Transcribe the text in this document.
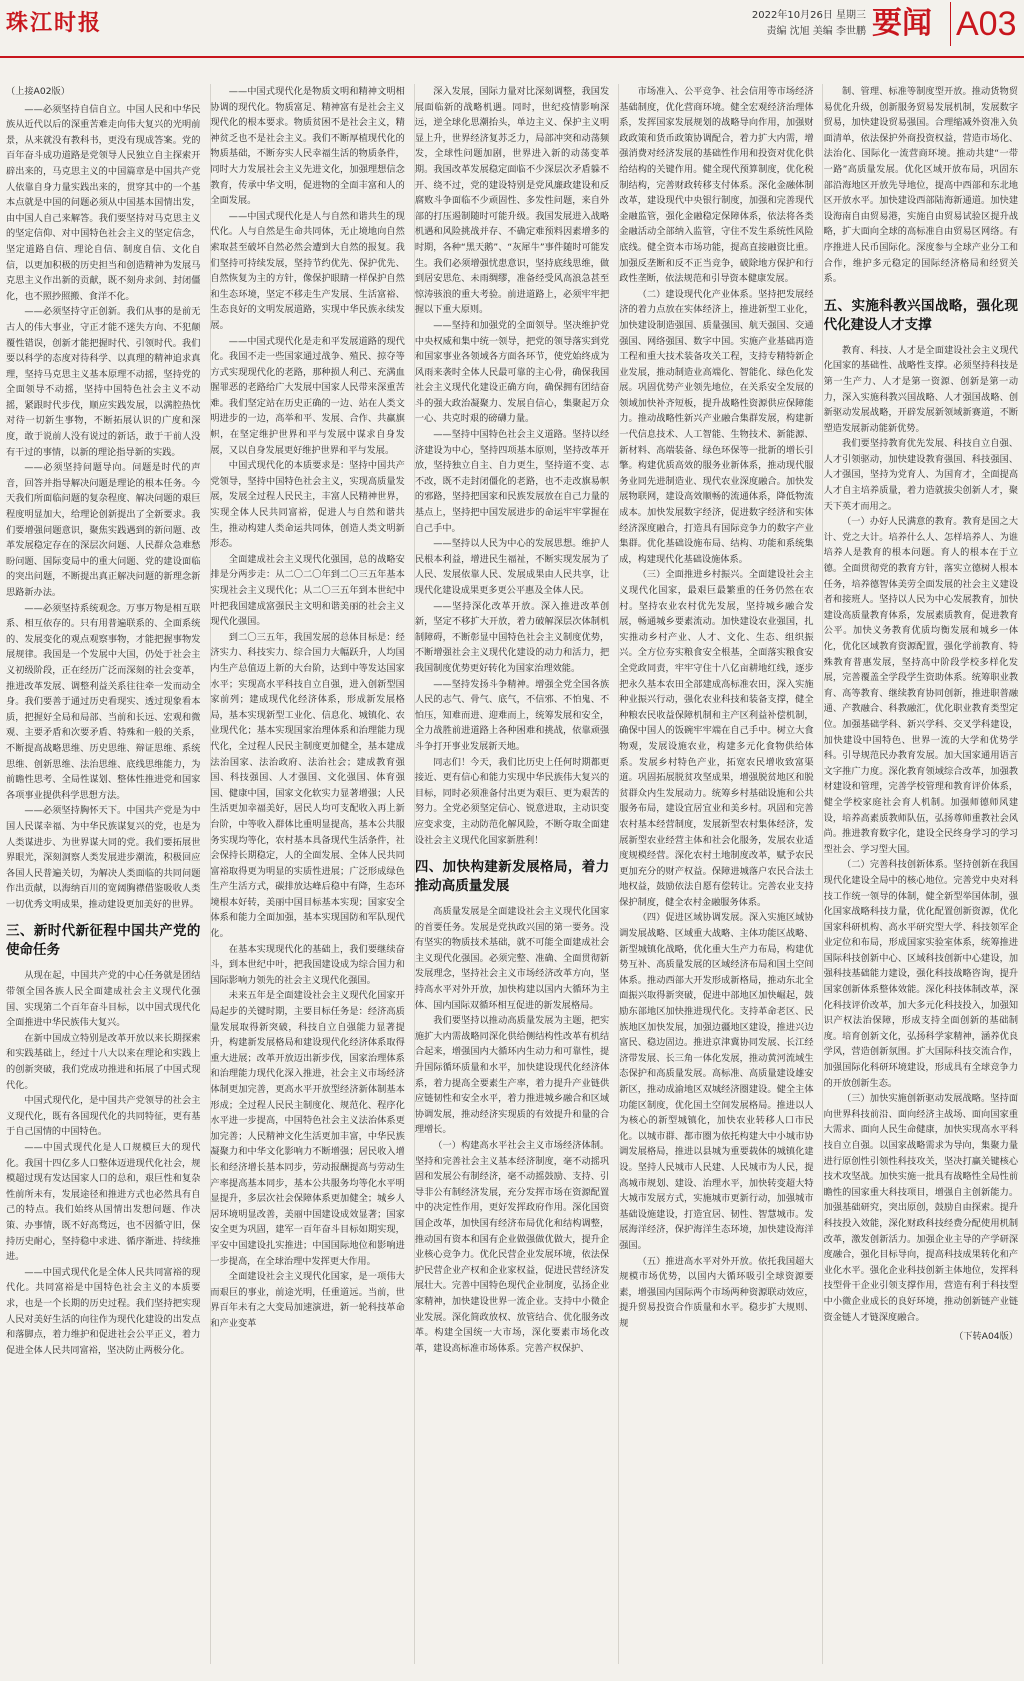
珠江时报	2022年10月26日 星期三
责编 沈旭 美编 李世鹏 要闻 A03

（上接A02版）

——必须坚持自信自立。中国人民和中华民族从近代以后的深重苦难走向伟大复兴的光明前景，从来就没有教科书，更没有现成答案。党的百年奋斗成功道路是党领导人民独立自主探索开辟出来的，马克思主义的中国篇章是中国共产党人依靠自身力量实践出来的，贯穿其中的一个基本点就是中国的问题必须从中国基本国情出发，由中国人自己来解答。我们要坚持对马克思主义的坚定信仰、对中国特色社会主义的坚定信念，坚定道路自信、理论自信、制度自信、文化自信，以更加积极的历史担当和创造精神为发展马克思主义作出新的贡献，既不刻舟求剑、封闭僵化，也不照抄照搬、食洋不化。

——必须坚持守正创新。我们从事的是前无古人的伟大事业，守正才能不迷失方向、不犯颠覆性错误，创新才能把握时代、引领时代。我们要以科学的态度对待科学、以真理的精神追求真理，坚持马克思主义基本原理不动摇，坚持党的全面领导不动摇，坚持中国特色社会主义不动摇，紧跟时代步伐，顺应实践发展，以满腔热忱对待一切新生事物，不断拓展认识的广度和深度，敢于说前人没有说过的新话，敢于干前人没有干过的事情，以新的理论指导新的实践。

——必须坚持问题导向。问题是时代的声音，回答并指导解决问题是理论的根本任务。今天我们所面临问题的复杂程度、解决问题的艰巨程度明显加大，给理论创新提出了全新要求。我们要增强问题意识，聚焦实践遇到的新问题、改革发展稳定存在的深层次问题、人民群众急难愁盼问题、国际变局中的重大问题、党的建设面临的突出问题，不断提出真正解决问题的新理念新思路新办法。

——必须坚持系统观念。万事万物是相互联系、相互依存的。只有用普遍联系的、全面系统的、发展变化的观点观察事物，才能把握事物发展规律。我国是一个发展中大国，仍处于社会主义初级阶段，正在经历广泛而深刻的社会变革，推进改革发展、调整利益关系往往牵一发而动全身。我们要善于通过历史看现实、透过现象看本质，把握好全局和局部、当前和长远、宏观和微观、主要矛盾和次要矛盾、特殊和一般的关系，不断提高战略思维、历史思维、辩证思维、系统思维、创新思维、法治思维、底线思维能力，为前瞻性思考、全局性谋划、整体性推进党和国家各项事业提供科学思想方法。

——必须坚持胸怀天下。中国共产党是为中国人民谋幸福、为中华民族谋复兴的党，也是为人类谋进步、为世界谋大同的党。我们要拓展世界眼光，深刻洞察人类发展进步潮流，积极回应各国人民普遍关切，为解决人类面临的共同问题作出贡献，以海纳百川的宽阔胸襟借鉴吸收人类一切优秀文明成果，推动建设更加美好的世界。

三、新时代新征程中国共产党的使命任务

从现在起，中国共产党的中心任务就是团结带领全国各族人民全面建成社会主义现代化强国、实现第二个百年奋斗目标，以中国式现代化全面推进中华民族伟大复兴。

在新中国成立特别是改革开放以来长期探索和实践基础上，经过十八大以来在理论和实践上的创新突破，我们党成功推进和拓展了中国式现代化。

中国式现代化，是中国共产党领导的社会主义现代化，既有各国现代化的共同特征，更有基于自己国情的中国特色。

——中国式现代化是人口规模巨大的现代化。我国十四亿多人口整体迈进现代化社会，规模超过现有发达国家人口的总和，艰巨性和复杂性前所未有，发展途径和推进方式也必然具有自己的特点。我们始终从国情出发想问题、作决策、办事情，既不好高骛远，也不因循守旧，保持历史耐心，坚持稳中求进、循序渐进、持续推进。

——中国式现代化是全体人民共同富裕的现代化。共同富裕是中国特色社会主义的本质要求，也是一个长期的历史过程。我们坚持把实现人民对美好生活的向往作为现代化建设的出发点和落脚点，着力维护和促进社会公平正义，着力促进全体人民共同富裕，坚决防止两极分化。

——中国式现代化是物质文明和精神文明相协调的现代化。物质富足、精神富有是社会主义现代化的根本要求。物质贫困不是社会主义，精神贫乏也不是社会主义。我们不断厚植现代化的物质基础，不断夯实人民幸福生活的物质条件，同时大力发展社会主义先进文化，加强理想信念教育，传承中华文明，促进物的全面丰富和人的全面发展。

——中国式现代化是人与自然和谐共生的现代化。人与自然是生命共同体，无止境地向自然索取甚至破坏自然必然会遭到大自然的报复。我们坚持可持续发展，坚持节约优先、保护优先、自然恢复为主的方针，像保护眼睛一样保护自然和生态环境，坚定不移走生产发展、生活富裕、生态良好的文明发展道路，实现中华民族永续发展。

——中国式现代化是走和平发展道路的现代化。我国不走一些国家通过战争、殖民、掠夺等方式实现现代化的老路，那种损人利己、充满血腥罪恶的老路给广大发展中国家人民带来深重苦难。我们坚定站在历史正确的一边、站在人类文明进步的一边，高举和平、发展、合作、共赢旗帜，在坚定维护世界和平与发展中谋求自身发展，又以自身发展更好维护世界和平与发展。

中国式现代化的本质要求是：坚持中国共产党领导，坚持中国特色社会主义，实现高质量发展，发展全过程人民民主，丰富人民精神世界，实现全体人民共同富裕，促进人与自然和谐共生，推动构建人类命运共同体，创造人类文明新形态。

全面建成社会主义现代化强国，总的战略安排是分两步走：从二〇二〇年到二〇三五年基本实现社会主义现代化；从二〇三五年到本世纪中叶把我国建成富强民主文明和谐美丽的社会主义现代化强国。

到二〇三五年，我国发展的总体目标是：经济实力、科技实力、综合国力大幅跃升，人均国内生产总值迈上新的大台阶，达到中等发达国家水平；实现高水平科技自立自强，进入创新型国家前列；建成现代化经济体系，形成新发展格局，基本实现新型工业化、信息化、城镇化、农业现代化；基本实现国家治理体系和治理能力现代化，全过程人民民主制度更加健全，基本建成法治国家、法治政府、法治社会；建成教育强国、科技强国、人才强国、文化强国、体育强国、健康中国，国家文化软实力显著增强；人民生活更加幸福美好，居民人均可支配收入再上新台阶，中等收入群体比重明显提高，基本公共服务实现均等化，农村基本具备现代生活条件，社会保持长期稳定，人的全面发展、全体人民共同富裕取得更为明显的实质性进展；广泛形成绿色生产生活方式，碳排放达峰后稳中有降，生态环境根本好转，美丽中国目标基本实现；国家安全体系和能力全面加强，基本实现国防和军队现代化。

在基本实现现代化的基础上，我们要继续奋斗，到本世纪中叶，把我国建设成为综合国力和国际影响力领先的社会主义现代化强国。

未来五年是全面建设社会主义现代化国家开局起步的关键时期，主要目标任务是：经济高质量发展取得新突破，科技自立自强能力显著提升，构建新发展格局和建设现代化经济体系取得重大进展；改革开放迈出新步伐，国家治理体系和治理能力现代化深入推进，社会主义市场经济体制更加完善，更高水平开放型经济新体制基本形成；全过程人民民主制度化、规范化、程序化水平进一步提高，中国特色社会主义法治体系更加完善；人民精神文化生活更加丰富，中华民族凝聚力和中华文化影响力不断增强；居民收入增长和经济增长基本同步，劳动报酬提高与劳动生产率提高基本同步，基本公共服务均等化水平明显提升，多层次社会保障体系更加健全；城乡人居环境明显改善，美丽中国建设成效显著；国家安全更为巩固，建军一百年奋斗目标如期实现，平安中国建设扎实推进；中国国际地位和影响进一步提高，在全球治理中发挥更大作用。

全面建设社会主义现代化国家，是一项伟大而艰巨的事业，前途光明，任重道远。当前，世界百年未有之大变局加速演进，新一轮科技革命和产业变革

深入发展，国际力量对比深刻调整，我国发展面临新的战略机遇。同时，世纪疫情影响深远，逆全球化思潮抬头，单边主义、保护主义明显上升，世界经济复苏乏力，局部冲突和动荡频发，全球性问题加剧，世界进入新的动荡变革期。我国改革发展稳定面临不少深层次矛盾躲不开、绕不过，党的建设特别是党风廉政建设和反腐败斗争面临不少顽固性、多发性问题，来自外部的打压遏制随时可能升级。我国发展进入战略机遇和风险挑战并存、不确定难预料因素增多的时期，各种“黑天鹅”、“灰犀牛”事件随时可能发生。我们必须增强忧患意识，坚持底线思维，做到居安思危、未雨绸缪，准备经受风高浪急甚至惊涛骇浪的重大考验。前进道路上，必须牢牢把握以下重大原则。

——坚持和加强党的全面领导。坚决维护党中央权威和集中统一领导，把党的领导落实到党和国家事业各领域各方面各环节，使党始终成为风雨来袭时全体人民最可靠的主心骨，确保我国社会主义现代化建设正确方向，确保拥有团结奋斗的强大政治凝聚力、发展自信心，集聚起万众一心、共克时艰的磅礴力量。

——坚持中国特色社会主义道路。坚持以经济建设为中心，坚持四项基本原则，坚持改革开放，坚持独立自主、自力更生，坚持道不变、志不改，既不走封闭僵化的老路，也不走改旗易帜的邪路，坚持把国家和民族发展放在自己力量的基点上，坚持把中国发展进步的命运牢牢掌握在自己手中。

——坚持以人民为中心的发展思想。维护人民根本利益，增进民生福祉，不断实现发展为了人民、发展依靠人民、发展成果由人民共享，让现代化建设成果更多更公平惠及全体人民。

——坚持深化改革开放。深入推进改革创新，坚定不移扩大开放，着力破解深层次体制机制障碍，不断彰显中国特色社会主义制度优势，不断增强社会主义现代化建设的动力和活力，把我国制度优势更好转化为国家治理效能。

——坚持发扬斗争精神。增强全党全国各族人民的志气、骨气、底气，不信邪、不怕鬼、不怕压，知难而进、迎难而上，统筹发展和安全，全力战胜前进道路上各种困难和挑战，依靠顽强斗争打开事业发展新天地。

同志们！今天，我们比历史上任何时期都更接近、更有信心和能力实现中华民族伟大复兴的目标，同时必须准备付出更为艰巨、更为艰苦的努力。全党必须坚定信心、锐意进取，主动识变应变求变，主动防范化解风险，不断夺取全面建设社会主义现代化国家新胜利！

四、加快构建新发展格局，着力推动高质量发展

高质量发展是全面建设社会主义现代化国家的首要任务。发展是党执政兴国的第一要务。没有坚实的物质技术基础，就不可能全面建成社会主义现代化强国。必须完整、准确、全面贯彻新发展理念，坚持社会主义市场经济改革方向，坚持高水平对外开放，加快构建以国内大循环为主体、国内国际双循环相互促进的新发展格局。

我们要坚持以推动高质量发展为主题，把实施扩大内需战略同深化供给侧结构性改革有机结合起来，增强国内大循环内生动力和可靠性，提升国际循环质量和水平，加快建设现代化经济体系，着力提高全要素生产率，着力提升产业链供应链韧性和安全水平，着力推进城乡融合和区域协调发展，推动经济实现质的有效提升和量的合理增长。

（一）构建高水平社会主义市场经济体制。坚持和完善社会主义基本经济制度，毫不动摇巩固和发展公有制经济，毫不动摇鼓励、支持、引导非公有制经济发展，充分发挥市场在资源配置中的决定性作用，更好发挥政府作用。深化国资国企改革，加快国有经济布局优化和结构调整，推动国有资本和国有企业做强做优做大，提升企业核心竞争力。优化民营企业发展环境，依法保护民营企业产权和企业家权益，促进民营经济发展壮大。完善中国特色现代企业制度，弘扬企业家精神，加快建设世界一流企业。支持中小微企业发展。深化简政放权、放管结合、优化服务改革。构建全国统一大市场，深化要素市场化改革，建设高标准市场体系。完善产权保护、

市场准入、公平竞争、社会信用等市场经济基础制度，优化营商环境。健全宏观经济治理体系，发挥国家发展规划的战略导向作用，加强财政政策和货币政策协调配合，着力扩大内需，增强消费对经济发展的基础性作用和投资对优化供给结构的关键作用。健全现代预算制度，优化税制结构，完善财政转移支付体系。深化金融体制改革，建设现代中央银行制度，加强和完善现代金融监管，强化金融稳定保障体系，依法将各类金融活动全部纳入监管，守住不发生系统性风险底线。健全资本市场功能，提高直接融资比重。加强反垄断和反不正当竞争，破除地方保护和行政性垄断，依法规范和引导资本健康发展。

（二）建设现代化产业体系。坚持把发展经济的着力点放在实体经济上，推进新型工业化，加快建设制造强国、质量强国、航天强国、交通强国、网络强国、数字中国。实施产业基础再造工程和重大技术装备攻关工程，支持专精特新企业发展，推动制造业高端化、智能化、绿色化发展。巩固优势产业领先地位，在关系安全发展的领域加快补齐短板，提升战略性资源供应保障能力。推动战略性新兴产业融合集群发展，构建新一代信息技术、人工智能、生物技术、新能源、新材料、高端装备、绿色环保等一批新的增长引擎。构建优质高效的服务业新体系，推动现代服务业同先进制造业、现代农业深度融合。加快发展物联网，建设高效顺畅的流通体系，降低物流成本。加快发展数字经济，促进数字经济和实体经济深度融合，打造具有国际竞争力的数字产业集群。优化基础设施布局、结构、功能和系统集成，构建现代化基础设施体系。

（三）全面推进乡村振兴。全面建设社会主义现代化国家，最艰巨最繁重的任务仍然在农村。坚持农业农村优先发展，坚持城乡融合发展，畅通城乡要素流动。加快建设农业强国，扎实推动乡村产业、人才、文化、生态、组织振兴。全方位夯实粮食安全根基，全面落实粮食安全党政同责，牢牢守住十八亿亩耕地红线，逐步把永久基本农田全部建成高标准农田，深入实施种业振兴行动，强化农业科技和装备支撑，健全种粮农民收益保障机制和主产区利益补偿机制，确保中国人的饭碗牢牢端在自己手中。树立大食物观，发展设施农业，构建多元化食物供给体系。发展乡村特色产业，拓宽农民增收致富渠道。巩固拓展脱贫攻坚成果，增强脱贫地区和脱贫群众内生发展动力。统筹乡村基础设施和公共服务布局，建设宜居宜业和美乡村。巩固和完善农村基本经营制度，发展新型农村集体经济，发展新型农业经营主体和社会化服务，发展农业适度规模经营。深化农村土地制度改革，赋予农民更加充分的财产权益。保障进城落户农民合法土地权益，鼓励依法自愿有偿转让。完善农业支持保护制度，健全农村金融服务体系。

（四）促进区域协调发展。深入实施区域协调发展战略、区域重大战略、主体功能区战略、新型城镇化战略，优化重大生产力布局，构建优势互补、高质量发展的区域经济布局和国土空间体系。推动西部大开发形成新格局，推动东北全面振兴取得新突破，促进中部地区加快崛起，鼓励东部地区加快推进现代化。支持革命老区、民族地区加快发展，加强边疆地区建设，推进兴边富民、稳边固边。推进京津冀协同发展、长江经济带发展、长三角一体化发展，推动黄河流域生态保护和高质量发展。高标准、高质量建设雄安新区，推动成渝地区双城经济圈建设。健全主体功能区制度，优化国土空间发展格局。推进以人为核心的新型城镇化，加快农业转移人口市民化。以城市群、都市圈为依托构建大中小城市协调发展格局，推进以县城为重要载体的城镇化建设。坚持人民城市人民建、人民城市为人民，提高城市规划、建设、治理水平，加快转变超大特大城市发展方式，实施城市更新行动，加强城市基础设施建设，打造宜居、韧性、智慧城市。发展海洋经济，保护海洋生态环境，加快建设海洋强国。

（五）推进高水平对外开放。依托我国超大规模市场优势，以国内大循环吸引全球资源要素，增强国内国际两个市场两种资源联动效应，提升贸易投资合作质量和水平。稳步扩大规则、规

制、管理、标准等制度型开放。推动货物贸易优化升级，创新服务贸易发展机制，发展数字贸易，加快建设贸易强国。合理缩减外资准入负面清单，依法保护外商投资权益，营造市场化、法治化、国际化一流营商环境。推动共建“一带一路”高质量发展。优化区域开放布局，巩固东部沿海地区开放先导地位，提高中西部和东北地区开放水平。加快建设西部陆海新通道。加快建设海南自由贸易港，实施自由贸易试验区提升战略，扩大面向全球的高标准自由贸易区网络。有序推进人民币国际化。深度参与全球产业分工和合作，维护多元稳定的国际经济格局和经贸关系。

五、实施科教兴国战略，强化现代化建设人才支撑

教育、科技、人才是全面建设社会主义现代化国家的基础性、战略性支撑。必须坚持科技是第一生产力、人才是第一资源、创新是第一动力，深入实施科教兴国战略、人才强国战略、创新驱动发展战略，开辟发展新领域新赛道，不断塑造发展新动能新优势。

我们要坚持教育优先发展、科技自立自强、人才引领驱动，加快建设教育强国、科技强国、人才强国，坚持为党育人、为国育才，全面提高人才自主培养质量，着力造就拔尖创新人才，聚天下英才而用之。

（一）办好人民满意的教育。教育是国之大计、党之大计。培养什么人、怎样培养人、为谁培养人是教育的根本问题。育人的根本在于立德。全面贯彻党的教育方针，落实立德树人根本任务，培养德智体美劳全面发展的社会主义建设者和接班人。坚持以人民为中心发展教育，加快建设高质量教育体系，发展素质教育，促进教育公平。加快义务教育优质均衡发展和城乡一体化，优化区域教育资源配置，强化学前教育、特殊教育普惠发展，坚持高中阶段学校多样化发展，完善覆盖全学段学生资助体系。统筹职业教育、高等教育、继续教育协同创新，推进职普融通、产教融合、科教融汇，优化职业教育类型定位。加强基础学科、新兴学科、交叉学科建设，加快建设中国特色、世界一流的大学和优势学科。引导规范民办教育发展。加大国家通用语言文字推广力度。深化教育领域综合改革，加强教材建设和管理，完善学校管理和教育评价体系，健全学校家庭社会育人机制。加强师德师风建设，培养高素质教师队伍，弘扬尊师重教社会风尚。推进教育数字化，建设全民终身学习的学习型社会、学习型大国。

（二）完善科技创新体系。坚持创新在我国现代化建设全局中的核心地位。完善党中央对科技工作统一领导的体制，健全新型举国体制，强化国家战略科技力量，优化配置创新资源，优化国家科研机构、高水平研究型大学、科技领军企业定位和布局，形成国家实验室体系，统筹推进国际科技创新中心、区域科技创新中心建设，加强科技基础能力建设，强化科技战略咨询，提升国家创新体系整体效能。深化科技体制改革，深化科技评价改革，加大多元化科技投入，加强知识产权法治保障，形成支持全面创新的基础制度。培育创新文化，弘扬科学家精神，涵养优良学风，营造创新氛围。扩大国际科技交流合作，加强国际化科研环境建设，形成具有全球竞争力的开放创新生态。

（三）加快实施创新驱动发展战略。坚持面向世界科技前沿、面向经济主战场、面向国家重大需求、面向人民生命健康，加快实现高水平科技自立自强。以国家战略需求为导向，集聚力量进行原创性引领性科技攻关，坚决打赢关键核心技术攻坚战。加快实施一批具有战略性全局性前瞻性的国家重大科技项目，增强自主创新能力。加强基础研究，突出原创，鼓励自由探索。提升科技投入效能，深化财政科技经费分配使用机制改革，激发创新活力。加强企业主导的产学研深度融合，强化目标导向，提高科技成果转化和产业化水平。强化企业科技创新主体地位，发挥科技型骨干企业引领支撑作用，营造有利于科技型中小微企业成长的良好环境，推动创新链产业链资金链人才链深度融合。

（下转A04版）
